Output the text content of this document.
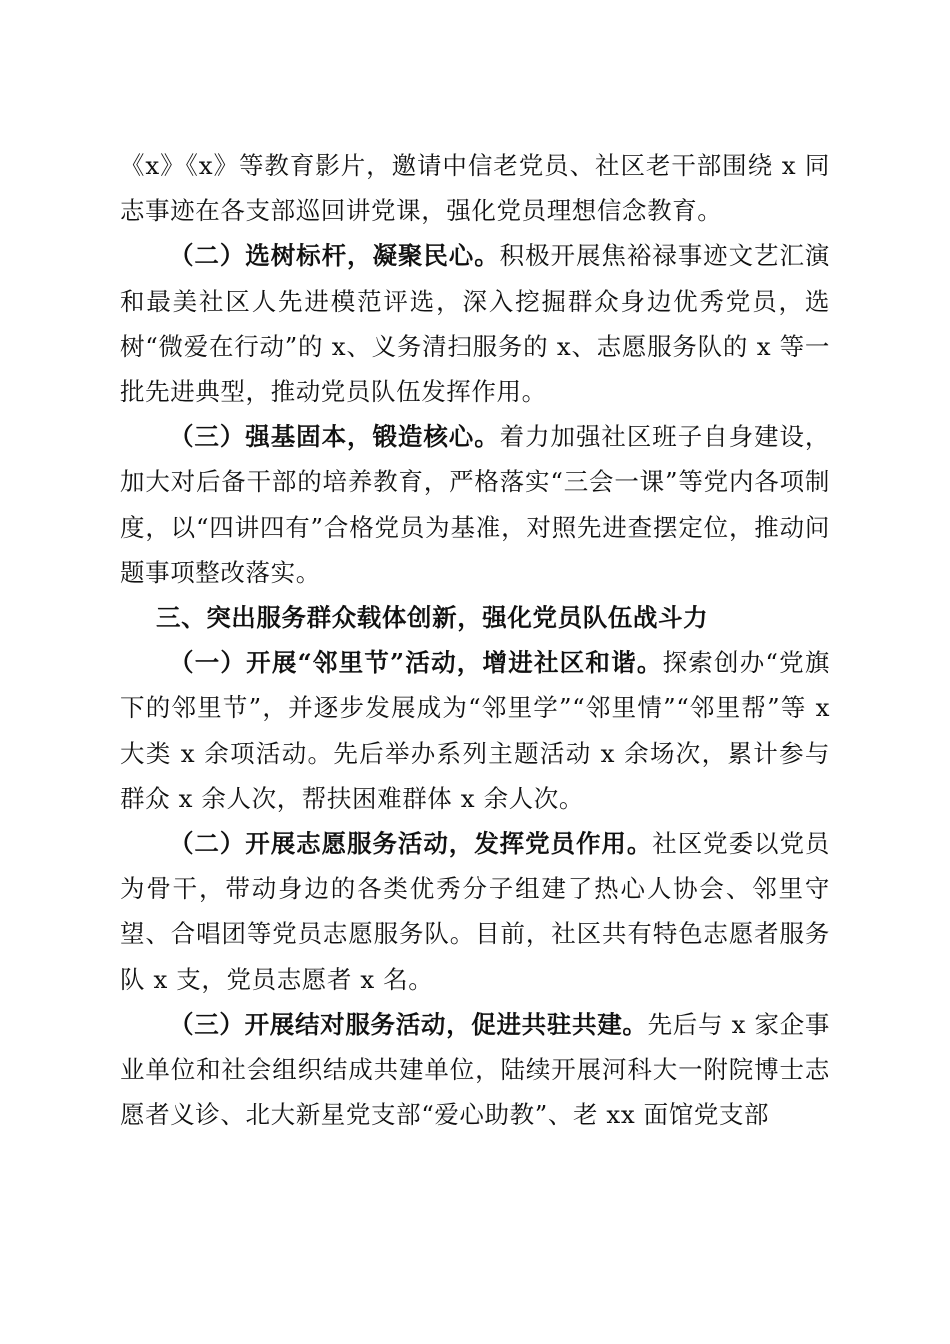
《x》《x》等教育影片，邀请中信老党员、社区老干部围绕 x 同志事迹在各支部巡回讲党课，强化党员理想信念教育。

（二）选树标杆，凝聚民心。积极开展焦裕禄事迹文艺汇演和最美社区人先进模范评选，深入挖掘群众身边优秀党员，选树“微爱在行动”的 x、义务清扫服务的 x、志愿服务队的 x 等一批先进典型，推动党员队伍发挥作用。

（三）强基固本，锻造核心。着力加强社区班子自身建设，加大对后备干部的培养教育，严格落实“三会一课”等党内各项制度，以“四讲四有”合格党员为基准，对照先进查摆定位，推动问题事项整改落实。

三、突出服务群众载体创新，强化党员队伍战斗力

（一）开展“邻里节”活动，增进社区和谐。探索创办“党旗下的邻里节”，并逐步发展成为“邻里学”“邻里情”“邻里帮”等 x 大类 x 余项活动。先后举办系列主题活动 x 余场次，累计参与群众 x 余人次，帮扶困难群体 x 余人次。

（二）开展志愿服务活动，发挥党员作用。社区党委以党员为骨干，带动身边的各类优秀分子组建了热心人协会、邻里守望、合唱团等党员志愿服务队。目前，社区共有特色志愿者服务队 x 支，党员志愿者 x 名。

（三）开展结对服务活动，促进共驻共建。先后与 x 家企事业单位和社会组织结成共建单位，陆续开展河科大一附院博士志愿者义诊、北大新星党支部“爱心助教”、老 xx 面馆党支部
